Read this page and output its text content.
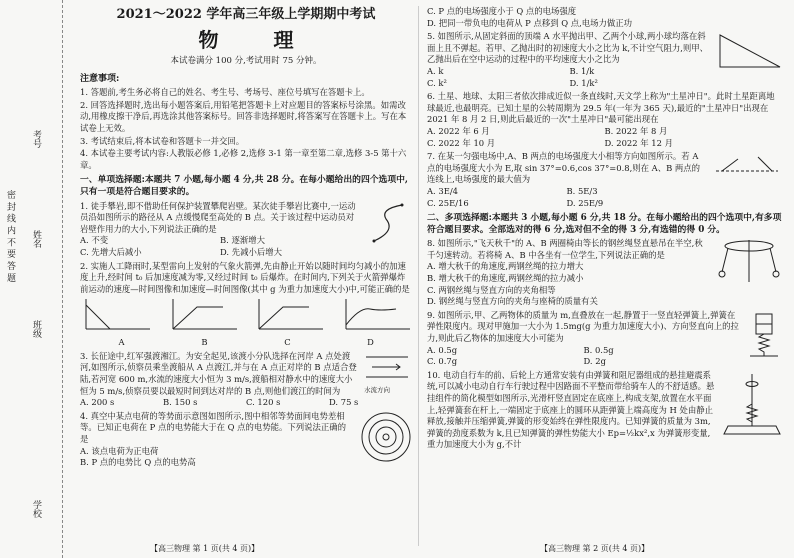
密 封 线 内 不 要 答 题
学校
班级
姓名
考号

2021～2022 学年高三年级上学期期中考试

物 理

本试卷满分 100 分,考试用时 75 分钟。

注意事项:

1. 答题前,考生务必将自己的姓名、考生号、考场号、座位号填写在答题卡上。

2. 回答选择题时,选出每小题答案后,用铅笔把答题卡上对应题目的答案标号涂黑。如需改动,用橡皮擦干净后,再选涂其他答案标号。回答非选择题时,将答案写在答题卡上。写在本试卷上无效。

3. 考试结束后,将本试卷和答题卡一并交回。

4. 本试卷主要考试内容:人教版必修 1,必修 2,选修 3-1 第一章至第二章,选修 3-5 第十六章。

一、单项选择题:本题共 7 小题,每小题 4 分,共 28 分。在每小题给出的四个选项中,只有一项是符合题目要求的。

1. 徒手攀岩,即不借助任何保护装置攀爬岩壁。某次徒手攀岩比赛中,一运动员沿如图所示的路径从 A 点缓慢爬至高处的 B 点。关于该过程中运动员对岩壁作用力的大小,下列说法正确的是

A. 不变	B. 逐渐增大
C. 先增大后减小	D. 先减小后增大

2. 实施人工降雨时,某型雷向上发射的气象火箭弹,先由静止开始以随时间均匀减小的加速度上升,经时间 t₀ 后加速度减为零,又经过时间 t₀ 后爆炸。在时间内,下列关于火箭弹爆炸前运动的速度—时间图像和加速度—时间图像(其中 g 为重力加速度大小)中,可能正确的是

A	B	C	D

3. 长征途中,红军强渡湘江。为安全起见,该渡小分队选择在河岸 A 点处渡河,如图所示,侦察员乘坐渡船从 A 点渡江,并与在 A 点正对岸的 B 点适合登陆,若河宽 600 m,水流的速度大小恒为 3 m/s,渡船相对静水中的速度大小恒为 5 m/s,侦察员要以最短时间到达对岸的 B 点,则他们渡江的时间为	水流方向
A. 200 s	B. 150 s	C. 120 s	D. 75 s

4. 真空中某点电荷的等势面示意图如图所示,图中相邻等势面间电势差相等。已知正电荷在 P 点的电势能大于在 Q 点的电势能。下列说法正确的是

A. 该点电荷为正电荷

B. P 点的电势比 Q 点的电势高

【高三物理 第 1 页(共 4 页)】

C. P 点的电场强度小于 Q 点的电场强度

D. 把同一带负电的电荷从 P 点移到 Q 点,电场力做正功

5. 如图所示,从固定斜面的顶端 A 水平抛出甲、乙两个小球,两小球均落在斜面上且不弹起。若甲、乙抛出时的初速度大小之比为 k,不计空气阻力,则甲、乙抛出后在空中运动的过程中的平均速度大小之比为

A. k	B. 1/k
C. k²	D. 1/k²

6. 土星、地球、太阳三者依次排成近似一条直线时,天文学上称为"土星冲日"。此时土星距离地球最近,也最明亮。已知土星的公转周期为 29.5 年(一年为 365 天),最近的"土星冲日"出现在 2021 年 8 月 2 日,则此后最近的一次"土星冲日"最可能出现在

A. 2022 年 6 月	B. 2022 年 8 月
C. 2022 年 10 月	D. 2022 年 12 月

7. 在某一匀强电场中,A、B 两点的电场强度大小相等方向如图所示。若 A 点的电场强度大小为 E,取 sin 37°=0.6,cos 37°=0.8,则在 A、B 两点的连线上,电场强度的最大值为

A. 3E/4	B. 5E/3
C. 25E/16	D. 25E/9

二、多项选择题:本题共 3 小题,每小题 6 分,共 18 分。在每小题给出的四个选项中,有多项符合题目要求。全部选对的得 6 分,选对但不全的得 3 分,有选错的得 0 分。

8. 如图所示,"飞天秋千"的 A、B 两圈椅由等长的钢丝绳竖直悬吊在半空,秋千匀速转动。若将椅 A、B 中各坐有一位学生,下列说法正确的是

A. 增大秋千的角速度,两钢丝绳的拉力增大

B. 增大秋千的角速度,两钢丝绳的拉力减小

C. 两钢丝绳与竖直方向的夹角相等

D. 钢丝绳与竖直方向的夹角与座椅的质量有关

9. 如图所示,甲、乙两物体的质量为 m,直叠放在一起,静置于一竖直轻弹簧上,弹簧在弹性限度内。现对甲施加一大小为 1.5mg(g 为重力加速度大小)、方向竖直向上的拉力,则此后乙物体的加速度大小可能为

A. 0.5g	B. 0.5g
C. 0.7g	D. 2g

10. 电动自行车的前、后轮上方通常安装有由弹簧和阻尼器组成的悬挂避震系统,可以减小电动自行车行驶过程中因路面不平整而带给骑车人的不舒适感。悬挂组件的简化模型如图所示,光滑杆竖直固定在底座上,构成支架,放置在水平面上,轻弹簧套在杆上,一端固定于底座上的圆环从距弹簧上端高度为 H 处由静止释放,接触并压缩弹簧,弹簧的形变始终在弹性限度内。已知弹簧的质量为 3m,弹簧的劲度系数为 k,且已知弹簧的弹性势能大小 Ep=½kx²,x 为弹簧形变量,重力加速度大小为 g,不计

【高三物理 第 2 页(共 4 页)】
